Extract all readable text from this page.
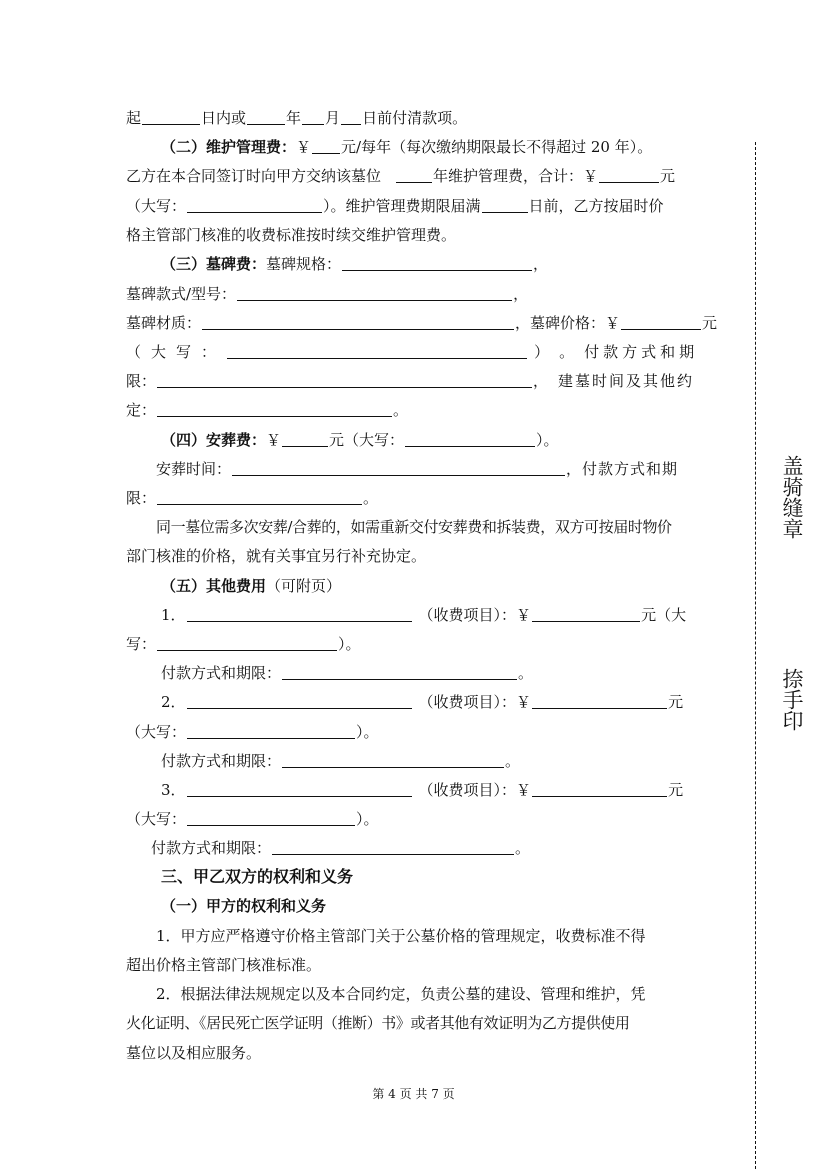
起	日内或	年 月 日前付清款项。
（二）维护管理费： ￥ 元/每年（每次缴纳期限最长不得超过 20 年）。
乙方在本合同签订时向甲方交纳该墓位	年维护管理费，合计：￥	元
（大写：	）。维护管理费期限届满	日前，乙方按届时价
格主管部门核准的收费标准按时续交维护管理费。
（三）墓碑费： 墓碑规格：	，
墓碑款式/型号：	，
墓碑材质：	，墓碑价格：￥	元
（ 大 写 ：	） 。 付款方式和期
限：	， 建墓时间及其他约
定：	。
（四）安葬费： ￥	元（大写：	）。
安葬时间：	，付款方式和期
限：	。
同一墓位需多次安葬/合葬的，如需重新交付安葬费和拆装费，双方可按届时物价
部门核准的价格，就有关事宜另行补充协定。
（五）其他费用 （可附页）
1．	（收费项目）：￥	元（大
写：	）。
付款方式和期限：	。
2．	（收费项目）：￥	元
（大写：	）。
付款方式和期限：	。
3．	（收费项目）：￥	元
（大写：	）。
付款方式和期限：	。
三、甲乙双方的权利和义务
（一）甲方的权利和义务
1．甲方应严格遵守价格主管部门关于公墓价格的管理规定，收费标准不得
超出价格主管部门核准标准。
2．根据法律法规规定以及本合同约定，负责公墓的建设、管理和维护，凭
火化证明、《居民死亡医学证明（推断）书》或者其他有效证明为乙方提供使用
墓位以及相应服务。
第 4 页 共 7 页
盖骑缝章
捺手印
